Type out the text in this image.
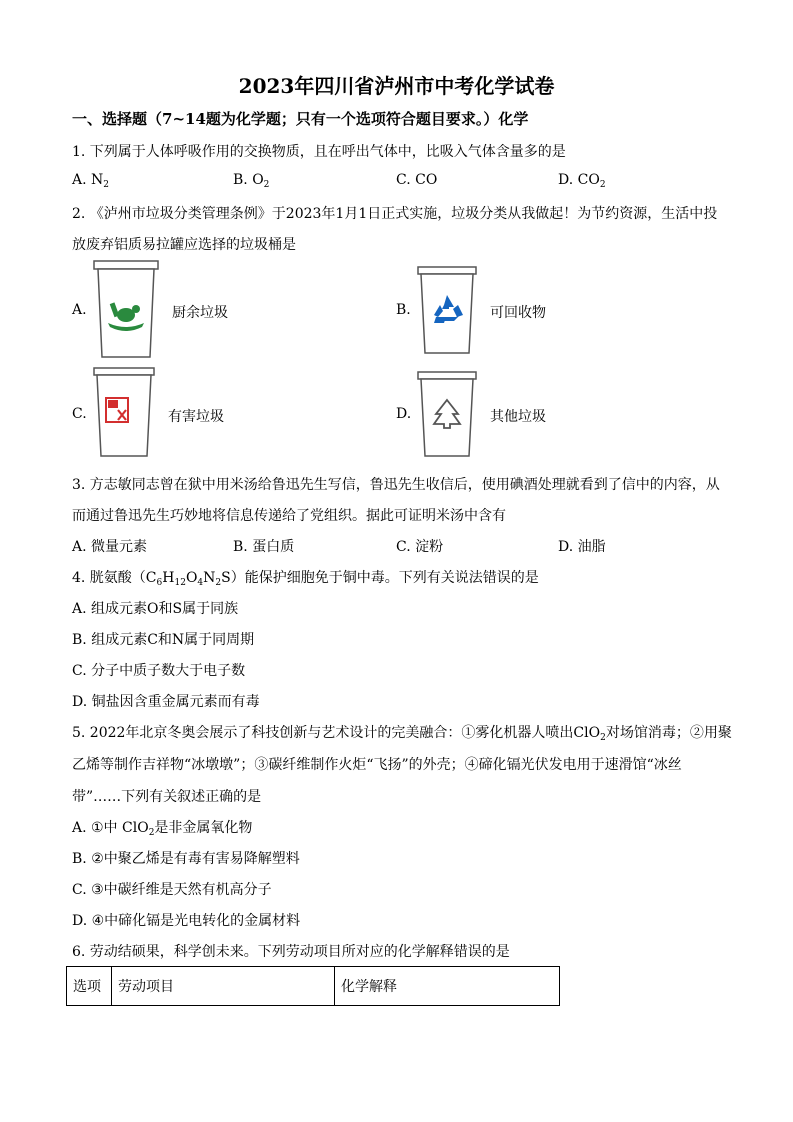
2023年四川省泸州市中考化学试卷
一、选择题（7~14题为化学题；只有一个选项符合题目要求。）化学
1. 下列属于人体呼吸作用的交换物质，且在呼出气体中，比吸入气体含量多的是
A. $N_2$	B. $O_2$	C. CO	D. $CO_2$
2. 《泸州市垃圾分类管理条例》于2023年1月1日正式实施，垃圾分类从我做起！为节约资源，生活中投
放废弃铝质易拉罐应选择的垃圾桶是
A.	厨余垃圾	B.	可回收物
C.	有害垃圾	D.	其他垃圾
3. 方志敏同志曾在狱中用米汤给鲁迅先生写信，鲁迅先生收信后，使用碘酒处理就看到了信中的内容，从
而通过鲁迅先生巧妙地将信息传递给了党组织。据此可证明米汤中含有
A. 微量元素	B. 蛋白质	C. 淀粉	D. 油脂
4. 胱氨酸$(C_6H_{12}O_4N_2S)$能保护细胞免于铜中毒。下列有关说法错误的是
A. 组成元素O和S属于同族
B. 组成元素C和N属于同周期
C. 分子中质子数大于电子数
D. 铜盐因含重金属元素而有毒
5. 2022年北京冬奥会展示了科技创新与艺术设计的完美融合：①雾化机器人喷出ClO$_2$对场馆消毒；②用聚
乙烯等制作吉祥物“冰墩墩”；③碳纤维制作火炬“飞扬”的外壳；④碲化镉光伏发电用于速滑馆“冰丝
带”……下列有关叙述正确的是
A. ①中 ClO$_2$是非金属氧化物
B. ②中聚乙烯是有毒有害易降解塑料
C. ③中碳纤维是天然有机高分子
D. ④中碲化镉是光电转化的金属材料
6. 劳动结硕果，科学创未来。下列劳动项目所对应的化学解释错误的是
选项	劳动项目	化学解释
